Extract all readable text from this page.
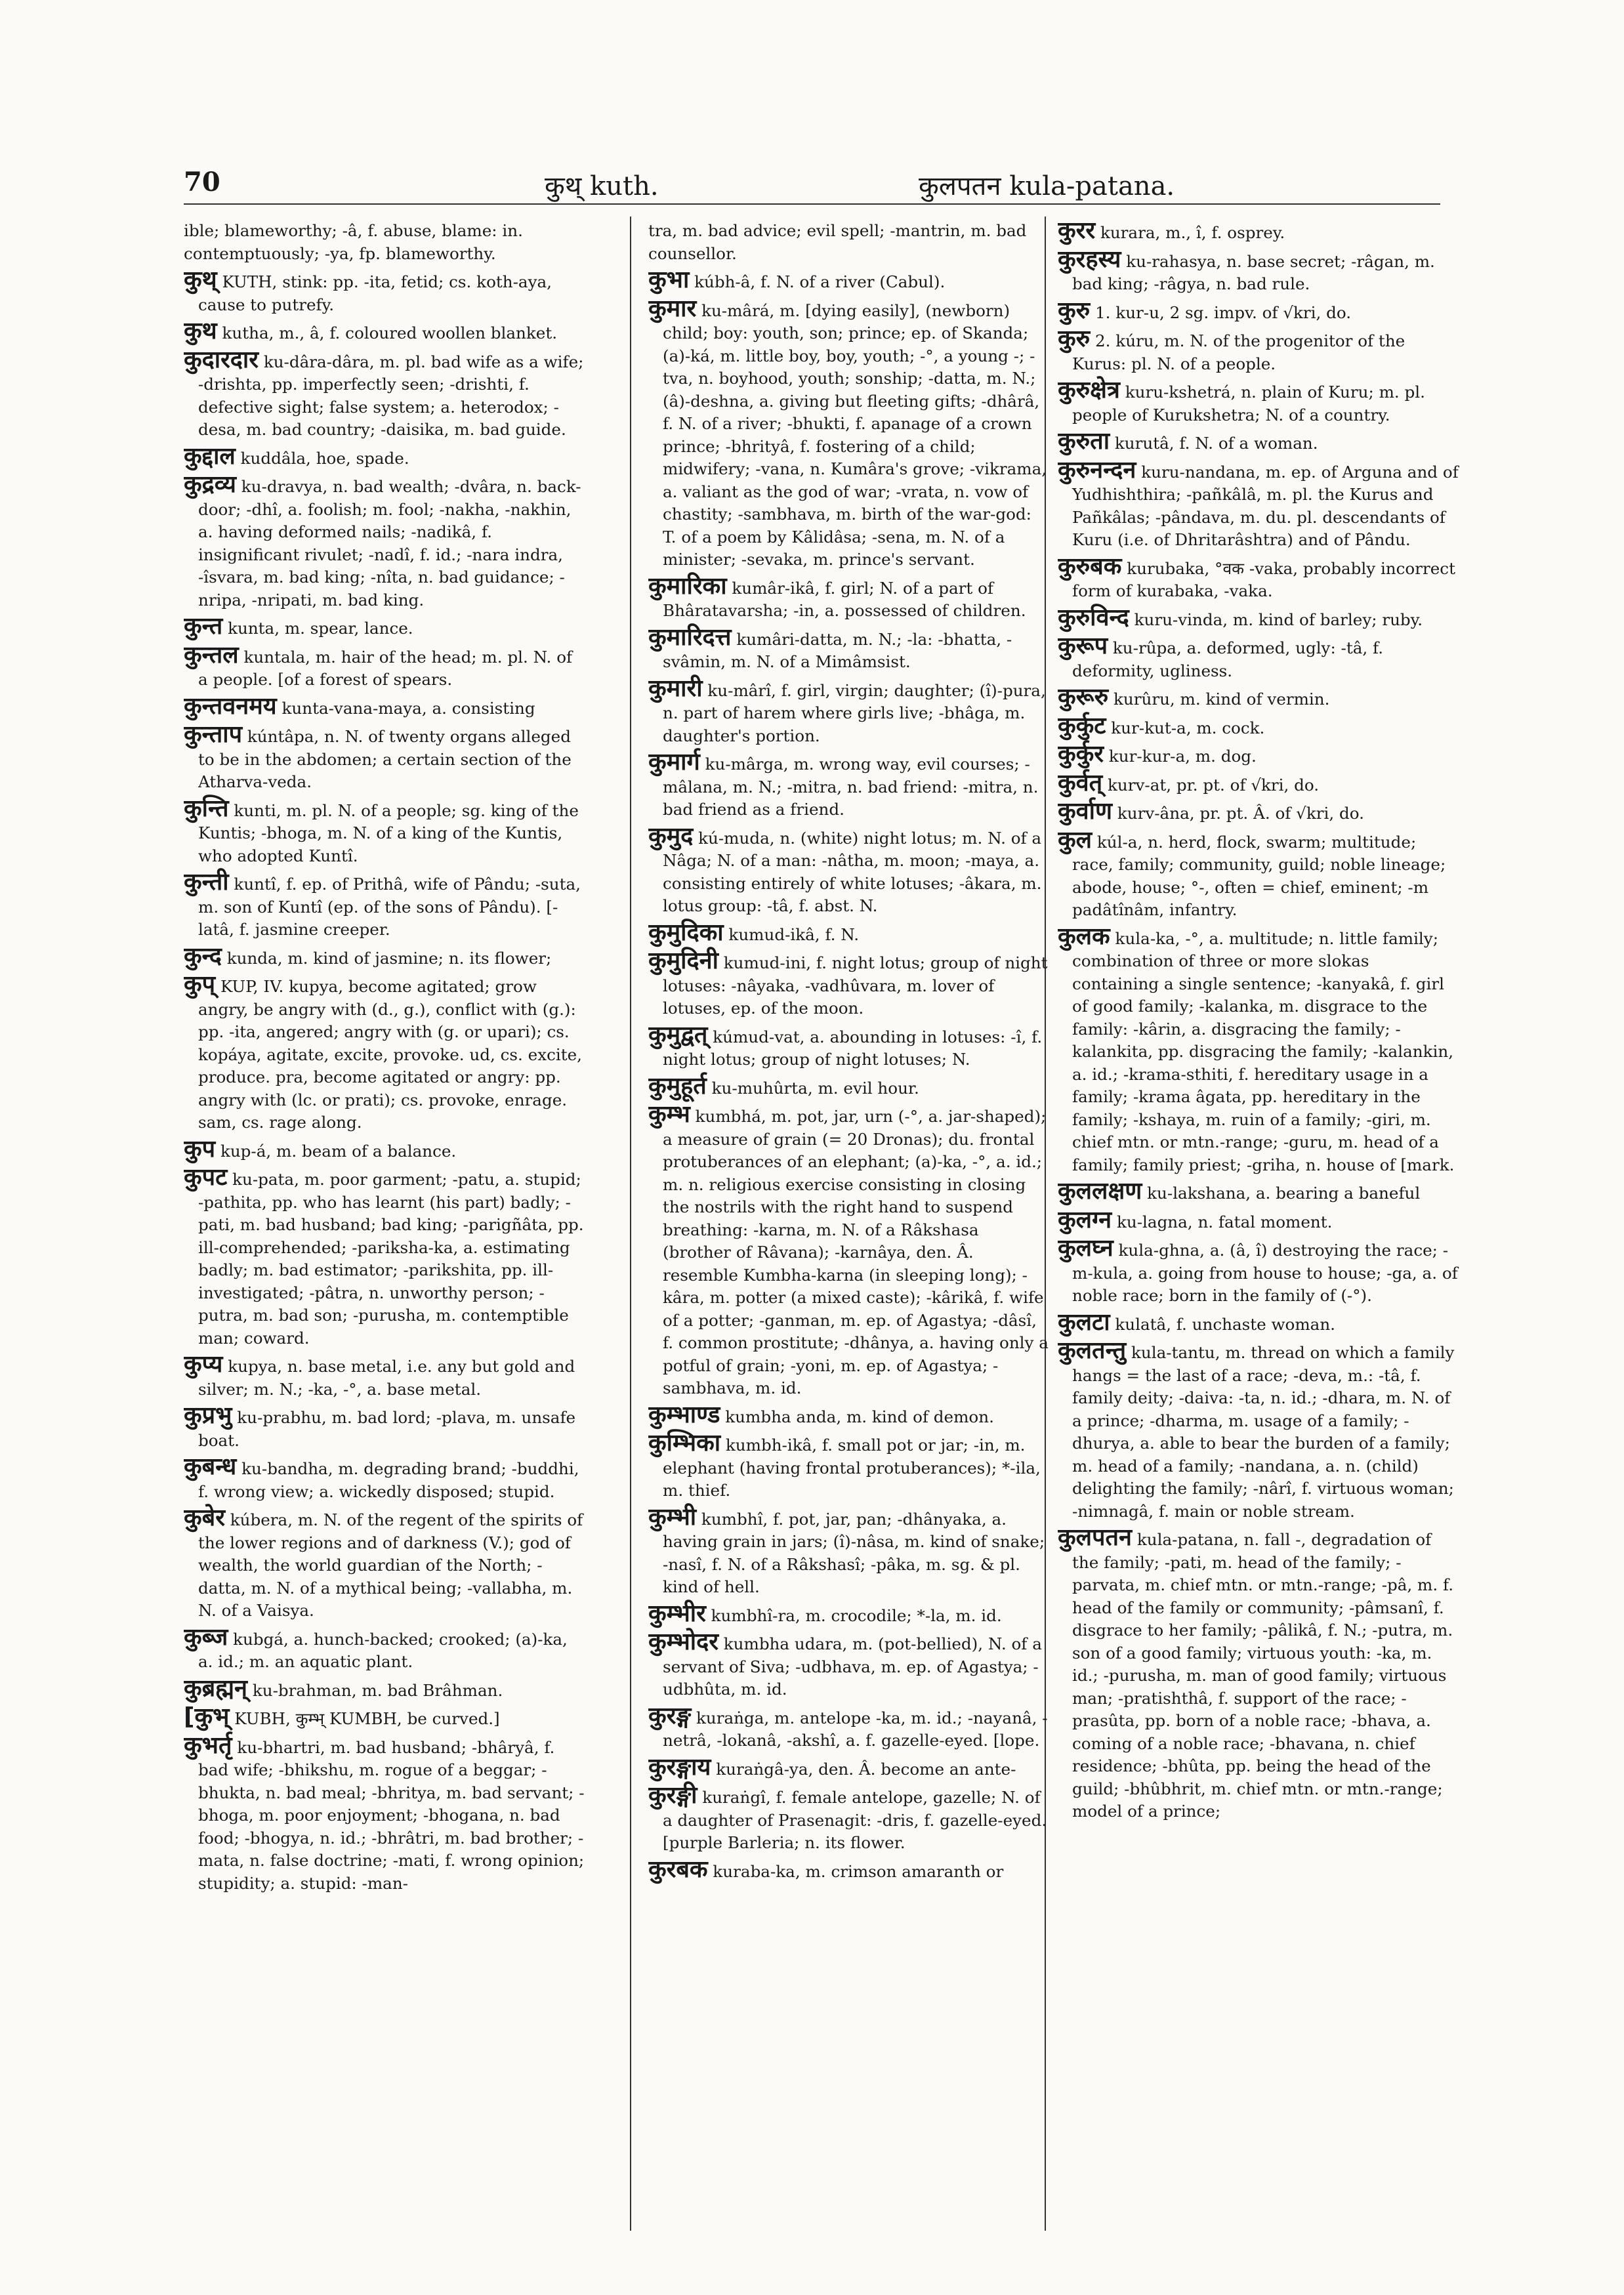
70	कुथ् kuth.	कुलपतन kula-patana.
ible; blameworthy; -â, f. abuse, blame: in. contemptuously; -ya, fp. blameworthy.
कुथ् KUTH, stink: pp. -ita, fetid; cs. koth-aya, cause to putrefy.
कुथ kutha, m., â, f. coloured woollen blanket.
कुदारदार ku-dâra-dâra, m. pl. bad wife as a wife; -drishta, pp. imperfectly seen; -drishti, f. defective sight; false system; a. heterodox; -desa, m. bad country; -daisika, m. bad guide.
कुद्दाल kuddâla, hoe, spade.
कुद्रव्य ku-dravya, n. bad wealth; -dvâra, n. back-door; -dhî, a. foolish; m. fool; -nakha, -nakhin, a. having deformed nails; -nadikâ, f. insignificant rivulet; -nadî, f. id.; -nara indra, -îsvara, m. bad king; -nîta, n. bad guidance; -nripa, -nripati, m. bad king.
कुन्त kunta, m. spear, lance.
कुन्तल kuntala, m. hair of the head; m. pl. N. of a people. [of a forest of spears.
कुन्तवनमय kunta-vana-maya, a. consisting
कुन्ताप kúntâpa, n. N. of twenty organs alleged to be in the abdomen; a certain section of the Atharva-veda.
कुन्ति kunti, m. pl. N. of a people; sg. king of the Kuntis; -bhoga, m. N. of a king of the Kuntis, who adopted Kuntî.
कुन्ती kuntî, f. ep. of Prithâ, wife of Pându; -suta, m. son of Kuntî (ep. of the sons of Pându). [-latâ, f. jasmine creeper.
कुन्द kunda, m. kind of jasmine; n. its flower;
कुप् KUP, IV. kupya, become agitated; grow angry, be angry with (d., g.), conflict with (g.): pp. -ita, angered; angry with (g. or upari); cs. kopáya, agitate, excite, provoke. ud, cs. excite, produce. pra, become agitated or angry: pp. angry with (lc. or prati); cs. provoke, enrage. sam, cs. rage along.
कुप kup-á, m. beam of a balance.
कुपट ku-pata, m. poor garment; -patu, a. stupid; -pathita, pp. who has learnt (his part) badly; -pati, m. bad husband; bad king; -parigñâta, pp. ill-comprehended; -pariksha-ka, a. estimating badly; m. bad estimator; -parikshita, pp. ill-investigated; -pâtra, n. unworthy person; -putra, m. bad son; -purusha, m. contemptible man; coward.
कुप्य kupya, n. base metal, i.e. any but gold and silver; m. N.; -ka, -°, a. base metal.
कुप्रभु ku-prabhu, m. bad lord; -plava, m. unsafe boat.
कुबन्ध ku-bandha, m. degrading brand; -buddhi, f. wrong view; a. wickedly disposed; stupid.
कुबेर kúbera, m. N. of the regent of the spirits of the lower regions and of darkness (V.); god of wealth, the world guardian of the North; -datta, m. N. of a mythical being; -vallabha, m. N. of a Vaisya.
कुब्ज kubgá, a. hunch-backed; crooked; (a)-ka, a. id.; m. an aquatic plant.
कुब्रह्मन् ku-brahman, m. bad Brâhman.
[कुभ् KUBH, कुम्भ् KUMBH, be curved.]
कुभर्तृ ku-bhartri, m. bad husband; -bhâryâ, f. bad wife; -bhikshu, m. rogue of a beggar; -bhukta, n. bad meal; -bhritya, m. bad servant; -bhoga, m. poor enjoyment; -bhogana, n. bad food; -bhogya, n. id.; -bhrâtri, m. bad brother; -mata, n. false doctrine; -mati, f. wrong opinion; stupidity; a. stupid: -man-
tra, m. bad advice; evil spell; -mantrin, m. bad counsellor.
कुभा kúbh-â, f. N. of a river (Cabul).
कुमार ku-mârá, m. [dying easily], (newborn) child; boy: youth, son; prince; ep. of Skanda; (a)-ká, m. little boy, boy, youth; -°, a young -; -tva, n. boyhood, youth; sonship; -datta, m. N.; (â)-deshna, a. giving but fleeting gifts; -dhârâ, f. N. of a river; -bhukti, f. apanage of a crown prince; -bhrityâ, f. fostering of a child; midwifery; -vana, n. Kumâra's grove; -vikrama, a. valiant as the god of war; -vrata, n. vow of chastity; -sambhava, m. birth of the war-god: T. of a poem by Kâlidâsa; -sena, m. N. of a minister; -sevaka, m. prince's servant.
कुमारिका kumâr-ikâ, f. girl; N. of a part of Bhâratavarsha; -in, a. possessed of children.
कुमारिदत्त kumâri-datta, m. N.; -la: -bhatta, -svâmin, m. N. of a Mimâmsist.
कुमारी ku-mârî, f. girl, virgin; daughter; (î)-pura, n. part of harem where girls live; -bhâga, m. daughter's portion.
कुमार्ग ku-mârga, m. wrong way, evil courses; -mâlana, m. N.; -mitra, n. bad friend: -mitra, n. bad friend as a friend.
कुमुद kú-muda, n. (white) night lotus; m. N. of a Nâga; N. of a man: -nâtha, m. moon; -maya, a. consisting entirely of white lotuses; -âkara, m. lotus group: -tâ, f. abst. N.
कुमुदिका kumud-ikâ, f. N.
कुमुदिनी kumud-ini, f. night lotus; group of night lotuses: -nâyaka, -vadhûvara, m. lover of lotuses, ep. of the moon.
कुमुद्वत् kúmud-vat, a. abounding in lotuses: -î, f. night lotus; group of night lotuses; N.
कुमुहूर्त ku-muhûrta, m. evil hour.
कुम्भ kumbhá, m. pot, jar, urn (-°, a. jar-shaped); a measure of grain (= 20 Dronas); du. frontal protuberances of an elephant; (a)-ka, -°, a. id.; m. n. religious exercise consisting in closing the nostrils with the right hand to suspend breathing: -karna, m. N. of a Râkshasa (brother of Râvana); -karnâya, den. Â. resemble Kumbha-karna (in sleeping long); -kâra, m. potter (a mixed caste); -kârikâ, f. wife of a potter; -ganman, m. ep. of Agastya; -dâsî, f. common prostitute; -dhânya, a. having only a potful of grain; -yoni, m. ep. of Agastya; -sambhava, m. id.
कुम्भाण्ड kumbha anda, m. kind of demon.
कुम्भिका kumbh-ikâ, f. small pot or jar; -in, m. elephant (having frontal protuberances); *-ila, m. thief.
कुम्भी kumbhî, f. pot, jar, pan; -dhânyaka, a. having grain in jars; (î)-nâsa, m. kind of snake; -nasî, f. N. of a Râkshasî; -pâka, m. sg. & pl. kind of hell.
कुम्भीर kumbhî-ra, m. crocodile; *-la, m. id.
कुम्भोदर kumbha udara, m. (pot-bellied), N. of a servant of Siva; -udbhava, m. ep. of Agastya; -udbhûta, m. id.
कुरङ्ग kuraṅga, m. antelope -ka, m. id.; -nayanâ, -netrâ, -lokanâ, -akshî, a. f. gazelle-eyed. [lope.
कुरङ्गाय kuraṅgâ-ya, den. Â. become an ante-
कुरङ्गी kuraṅgî, f. female antelope, gazelle; N. of a daughter of Prasenagit: -dris, f. gazelle-eyed. [purple Barleria; n. its flower.
कुरबक kuraba-ka, m. crimson amaranth or
कुरर kurara, m., î, f. osprey.
कुरहस्य ku-rahasya, n. base secret; -râgan, m. bad king; -râgya, n. bad rule.
कुरु 1. kur-u, 2 sg. impv. of √kri, do.
कुरु 2. kúru, m. N. of the progenitor of the Kurus: pl. N. of a people.
कुरुक्षेत्र kuru-kshetrá, n. plain of Kuru; m. pl. people of Kurukshetra; N. of a country.
कुरुता kurutâ, f. N. of a woman.
कुरुनन्दन kuru-nandana, m. ep. of Arguna and of Yudhishthira; -pañkâlâ, m. pl. the Kurus and Pañkâlas; -pândava, m. du. pl. descendants of Kuru (i.e. of Dhritarâshtra) and of Pându.
कुरुबक kurubaka, °वक -vaka, probably incorrect form of kurabaka, -vaka.
कुरुविन्द kuru-vinda, m. kind of barley; ruby.
कुरूप ku-rûpa, a. deformed, ugly: -tâ, f. deformity, ugliness.
कुरूरु kurûru, m. kind of vermin.
कुर्कुट kur-kut-a, m. cock.
कुर्कुर kur-kur-a, m. dog.
कुर्वत् kurv-at, pr. pt. of √kri, do.
कुर्वाण kurv-âna, pr. pt. Â. of √kri, do.
कुल kúl-a, n. herd, flock, swarm; multitude; race, family; community, guild; noble lineage; abode, house; °-, often = chief, eminent; -m padâtînâm, infantry.
कुलक kula-ka, -°, a. multitude; n. little family; combination of three or more slokas containing a single sentence; -kanyakâ, f. girl of good family; -kalanka, m. disgrace to the family: -kârin, a. disgracing the family; -kalankita, pp. disgracing the family; -kalankin, a. id.; -krama-sthiti, f. hereditary usage in a family; -krama âgata, pp. hereditary in the family; -kshaya, m. ruin of a family; -giri, m. chief mtn. or mtn.-range; -guru, m. head of a family; family priest; -griha, n. house of [mark.
कुललक्षण ku-lakshana, a. bearing a baneful
कुलग्न ku-lagna, n. fatal moment.
कुलघ्न kula-ghna, a. (â, î) destroying the race; -m-kula, a. going from house to house; -ga, a. of noble race; born in the family of (-°).
कुलटा kulatâ, f. unchaste woman.
कुलतन्तु kula-tantu, m. thread on which a family hangs = the last of a race; -deva, m.: -tâ, f. family deity; -daiva: -ta, n. id.; -dhara, m. N. of a prince; -dharma, m. usage of a family; -dhurya, a. able to bear the burden of a family; m. head of a family; -nandana, a. n. (child) delighting the family; -nârî, f. virtuous woman; -nimnagâ, f. main or noble stream.
कुलपतन kula-patana, n. fall -, degradation of the family; -pati, m. head of the family; -parvata, m. chief mtn. or mtn.-range; -pâ, m. f. head of the family or community; -pâmsanî, f. disgrace to her family; -pâlikâ, f. N.; -putra, m. son of a good family; virtuous youth: -ka, m. id.; -purusha, m. man of good family; virtuous man; -pratishthâ, f. support of the race; -prasûta, pp. born of a noble race; -bhava, a. coming of a noble race; -bhavana, n. chief residence; -bhûta, pp. being the head of the guild; -bhûbhrit, m. chief mtn. or mtn.-range; model of a prince;
